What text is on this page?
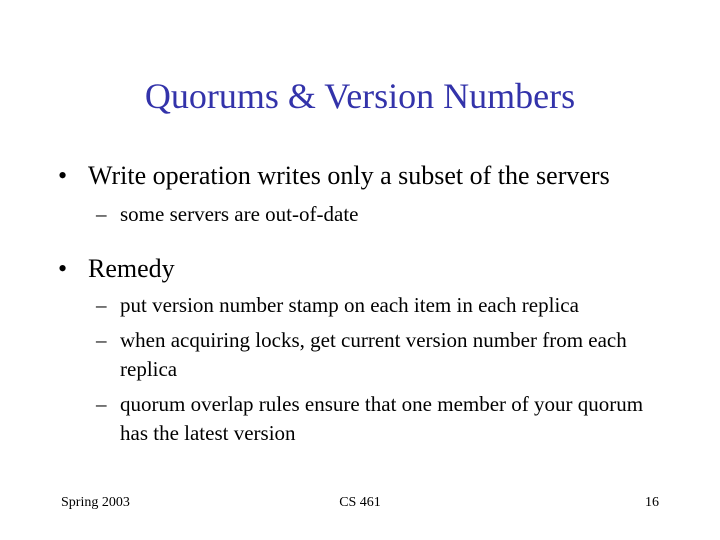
Quorums & Version Numbers
• Write operation writes only a subset of the servers
– some servers are out-of-date
• Remedy
– put version number stamp on each item in each replica
– when acquiring locks, get current version number from each replica
– quorum overlap rules ensure that one member of your quorum has the latest version
Spring 2003	CS 461	16
